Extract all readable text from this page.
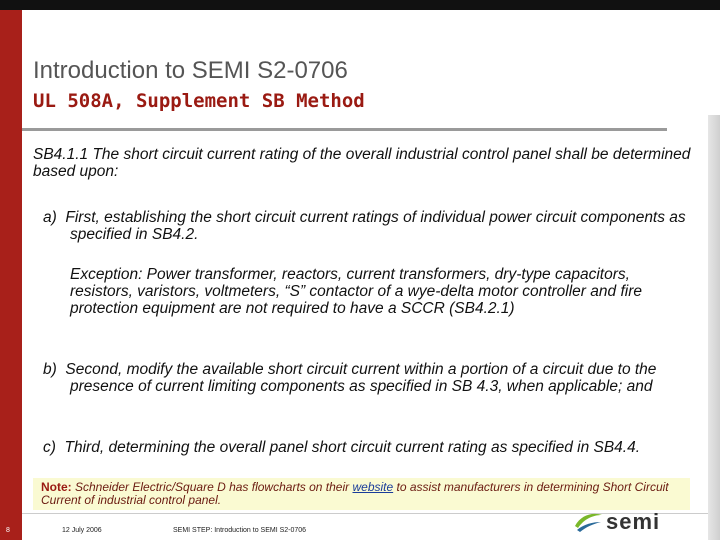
Introduction to SEMI S2-0706
UL 508A, Supplement SB Method

SB4.1.1 The short circuit current rating of the overall industrial control panel shall be determined based upon:

a)  First, establishing the short circuit current ratings of individual power circuit components as specified in SB4.2.

Exception: Power transformer, reactors, current transformers, dry-type capacitors, resistors, varistors, voltmeters, “S” contactor of a wye-delta motor controller and fire protection equipment are not required to have a SCCR (SB4.2.1)

b)  Second, modify the available short circuit current within a portion of a circuit due to the presence of current limiting components as specified in SB 4.3, when applicable; and

c)  Third, determining the overall panel short circuit current rating as specified in SB4.4.

Note: Schneider Electric/Square D has flowcharts on their website to assist manufacturers in determining Short Circuit Current of industrial control panel.

8	12 July 2006	SEMI STEP: Introduction to SEMI S2-0706	semi
